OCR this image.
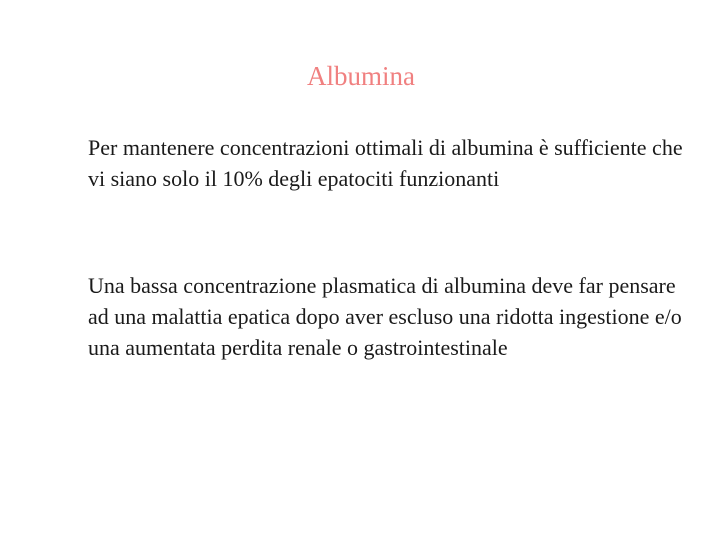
Albumina

Per mantenere concentrazioni ottimali di albumina è sufficiente che vi siano solo il 10% degli epatociti funzionanti

Una bassa concentrazione plasmatica di albumina deve far pensare ad una malattia epatica dopo aver escluso una ridotta ingestione e/o una aumentata perdita renale o gastrointestinale
